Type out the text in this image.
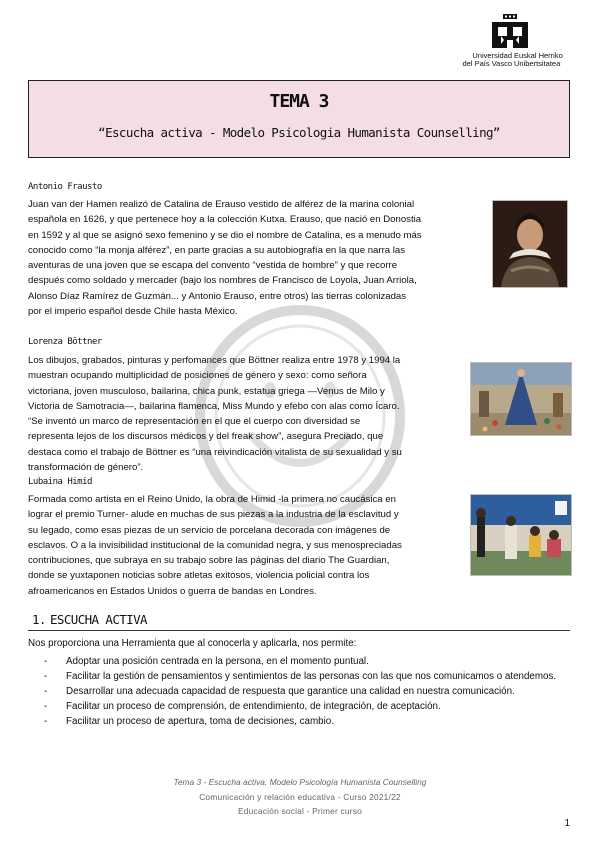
Universidad
del País Vasco
Euskal Herriko
Unibertsitatea
TEMA 3
“Escucha activa - Modelo Psicologia Humanista Counselling”
Antonio Frausto
Juan van der Hamen realizó de Catalina de Erauso vestido de alférez de la marina colonial
española en 1626, y que pertenece hoy a la colección Kutxa. Erauso, que nació en Donostia
en 1592 y al que se asignó sexo femenino y se dio el nombre de Catalina, es a menudo más
conocido como “la monja alférez”, en parte gracias a su autobiografía en la que narra las
aventuras de una joven que se escapa del convento “vestida de hombre” y que recorre
después como soldado y mercader (bajo los nombres de Francisco de Loyola, Juan Arriola,
Alonso Díaz Ramírez de Guzmán... y Antonio Erauso, entre otros) las tierras colonizadas
por el imperio español desde Chile hasta México.
Lorenza Böttner
Los dibujos, grabados, pinturas y perfomances que Böttner realiza entre 1978 y 1994 la
muestran ocupando multiplicidad de posiciones de género y sexo: como señora
victoriana, joven musculoso, bailarina, chica punk, estatua griega —Venus de Milo y
Victoria de Samotracia—, bailarina flamenca, Miss Mundo y efebo con alas como Ícaro.
“Se inventó un marco de representación en el que el cuerpo con diversidad se
representa lejos de los discursos médicos y del freak show”, asegura Preciado, que
destaca como el trabajo de Böttner es “una reivindicación vitalista de su sexualidad y su
transformación de género”.
Lubaina Himid
Formada como artista en el Reino Unido, la obra de Himid -la primera no caucásica en
lograr el premio Turner- alude en muchas de sus piezas a la industria de la esclavitud y
su legado, como esas piezas de un servicio de porcelana decorada con imágenes de
esclavos. O a la invisibilidad institucional de la comunidad negra, y sus menospreciadas
contribuciones, que subraya en su trabajo sobre las páginas del diario The Guardian,
donde se yuxtaponen noticias sobre atletas exitosos, violencia policial contra los
afroamericanos en Estados Unidos o guerra de bandas en Londres.
1. ESCUCHA ACTIVA
Nos proporciona una Herramienta que al conocerla y aplicarla, nos permite:
- Adoptar una posición centrada en la persona, en el momento puntual.
- Facilitar la gestión de pensamientos y sentimientos de las personas con las que nos comunicamos o atendemos.
- Desarrollar una adecuada capacidad de respuesta que garantice una calidad en nuestra comunicación.
- Facilitar un proceso de comprensión, de entendimiento, de integración, de aceptación.
- Facilitar un proceso de apertura, toma de decisiones, cambio.
Tema 3 - Escucha activa. Modelo Psicología Humanista Counselling
Comunicación y relación educativa - Curso 2021/22
Educación social - Primer curso
1
